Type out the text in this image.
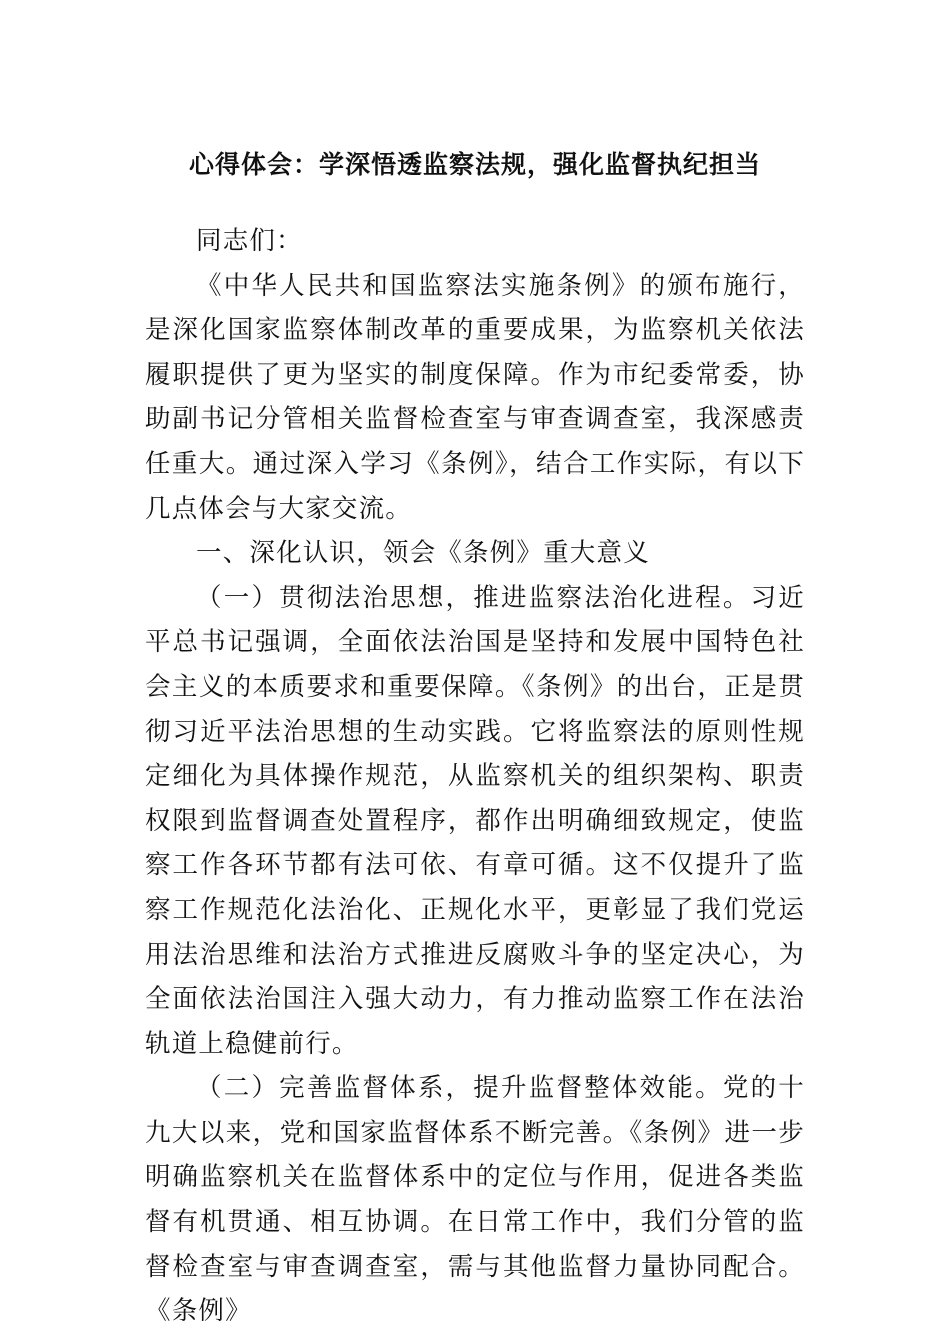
心得体会：学深悟透监察法规，强化监督执纪担当

同志们：

《中华人民共和国监察法实施条例》的颁布施行，是深化国家监察体制改革的重要成果，为监察机关依法履职提供了更为坚实的制度保障。作为市纪委常委，协助副书记分管相关监督检查室与审查调查室，我深感责任重大。通过深入学习《条例》，结合工作实际，有以下几点体会与大家交流。

一、深化认识，领会《条例》重大意义

（一）贯彻法治思想，推进监察法治化进程。习近平总书记强调，全面依法治国是坚持和发展中国特色社会主义的本质要求和重要保障。《条例》的出台，正是贯彻习近平法治思想的生动实践。它将监察法的原则性规定细化为具体操作规范，从监察机关的组织架构、职责权限到监督调查处置程序，都作出明确细致规定，使监察工作各环节都有法可依、有章可循。这不仅提升了监察工作规范化法治化、正规化水平，更彰显了我们党运用法治思维和法治方式推进反腐败斗争的坚定决心，为全面依法治国注入强大动力，有力推动监察工作在法治轨道上稳健前行。

（二）完善监督体系，提升监督整体效能。党的十九大以来，党和国家监督体系不断完善。《条例》进一步明确监察机关在监督体系中的定位与作用，促进各类监督有机贯通、相互协调。在日常工作中，我们分管的监督检查室与审查调查室，需与其他监督力量协同配合。《条例》
